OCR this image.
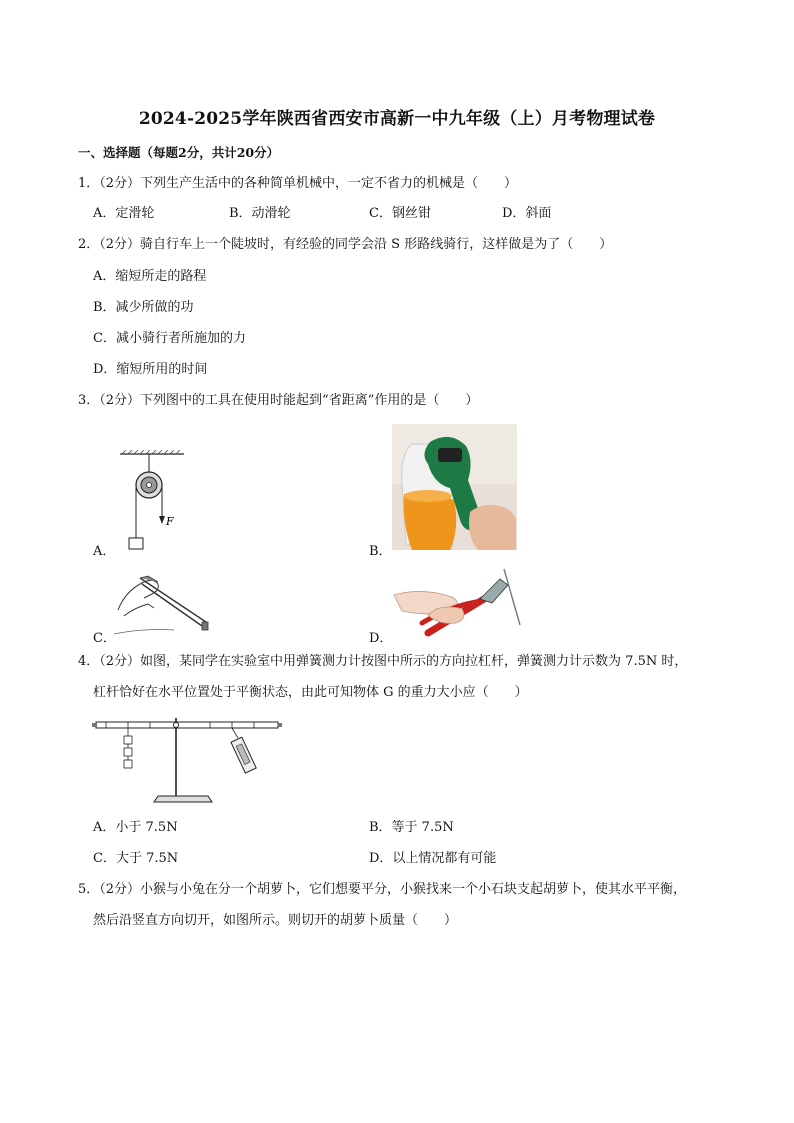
2024-2025学年陕西省西安市高新一中九年级（上）月考物理试卷
一、选择题（每题2分，共计20分）
1．（2分）下列生产生活中的各种简单机械中，一定不省力的机械是（　　）
A．定滑轮	B．动滑轮	C．钢丝钳	D．斜面
2．（2分）骑自行车上一个陡坡时，有经验的同学会沿 S 形路线骑行，这样做是为了（　　）
A．缩短所走的路程
B．减少所做的功
C．减小骑行者所施加的力
D．缩短所用的时间
3．（2分）下列图中的工具在使用时能起到“省距离”作用的是（　　）
F
A．	B．
C．	D．
4．（2分）如图，某同学在实验室中用弹簧测力计按图中所示的方向拉杠杆，弹簧测力计示数为 7.5N 时，
杠杆恰好在水平位置处于平衡状态，由此可知物体 G 的重力大小应（　　）
A．小于 7.5N	B．等于 7.5N
C．大于 7.5N	D．以上情况都有可能
5．（2分）小猴与小兔在分一个胡萝卜，它们想要平分，小猴找来一个小石块支起胡萝卜，使其水平平衡，
然后沿竖直方向切开，如图所示。则切开的胡萝卜质量（　　）
